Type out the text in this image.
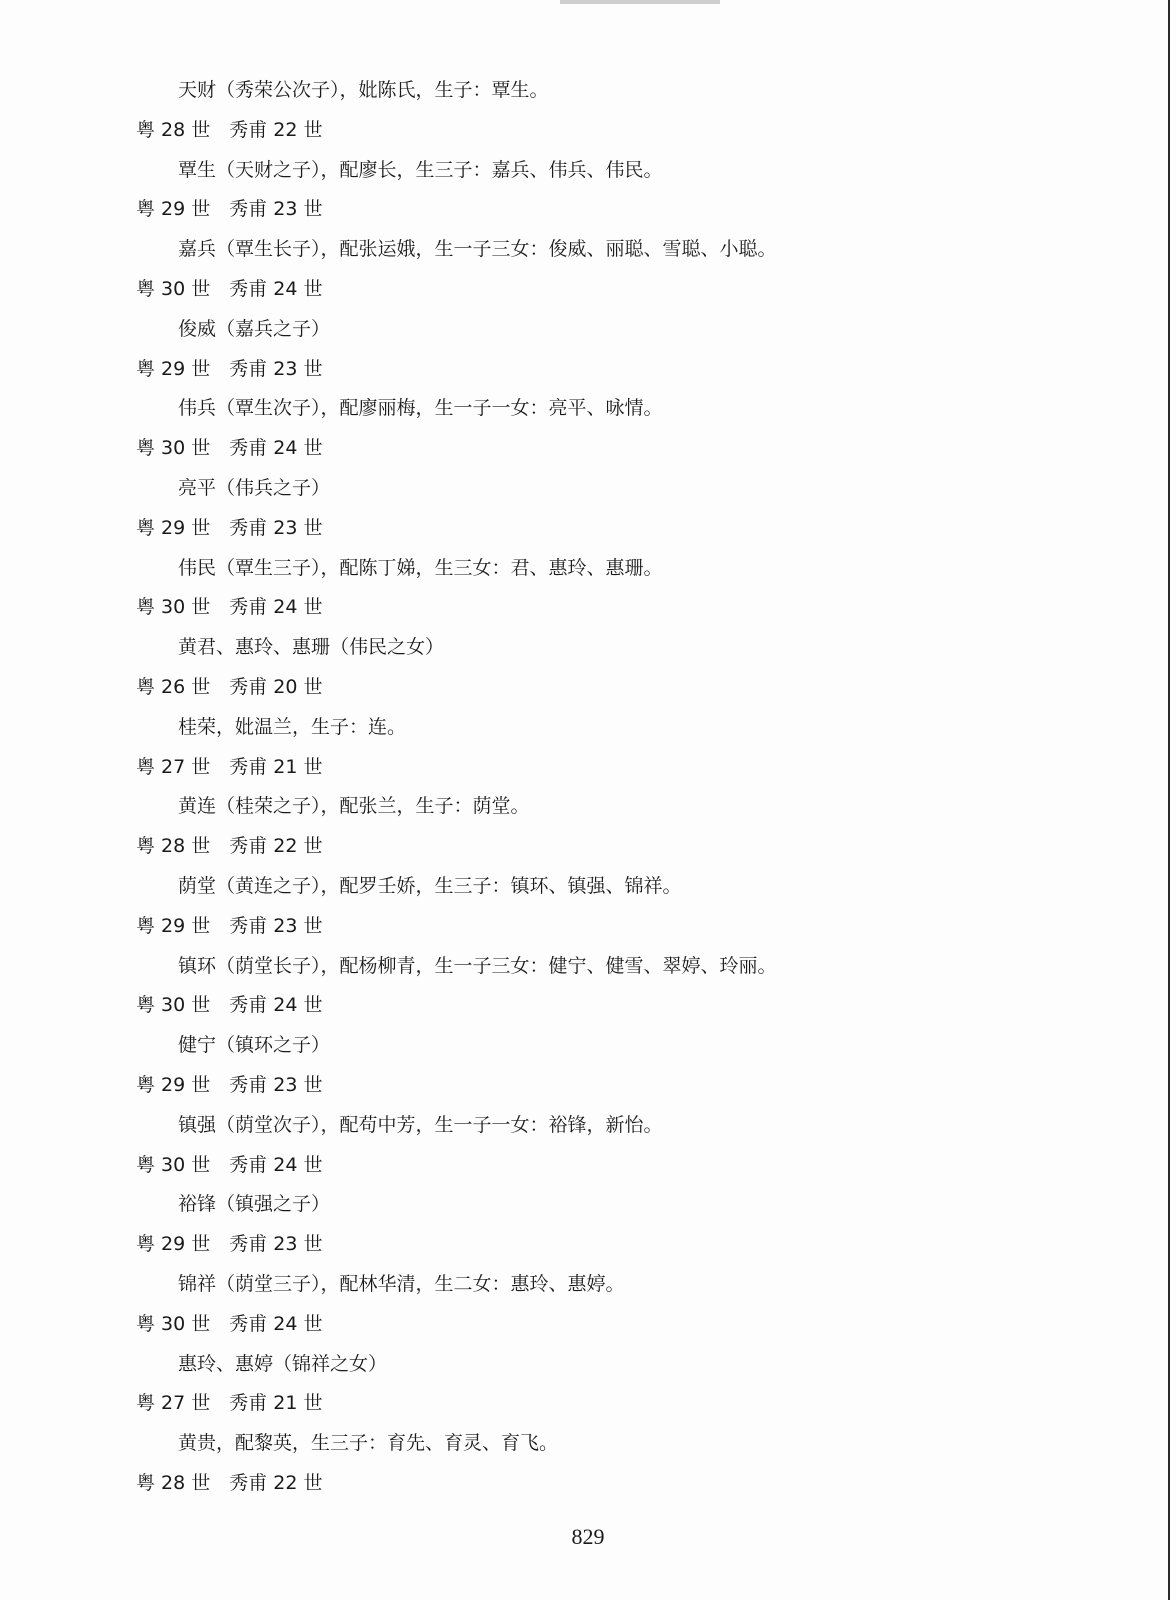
天财（秀荣公次子），妣陈氏，生子：覃生。
粤 28 世　秀甫 22 世
覃生（天财之子），配廖长，生三子：嘉兵、伟兵、伟民。
粤 29 世　秀甫 23 世
嘉兵（覃生长子），配张运娥，生一子三女：俊威、丽聪、雪聪、小聪。
粤 30 世　秀甫 24 世
俊威（嘉兵之子）
粤 29 世　秀甫 23 世
伟兵（覃生次子），配廖丽梅，生一子一女：亮平、咏情。
粤 30 世　秀甫 24 世
亮平（伟兵之子）
粤 29 世　秀甫 23 世
伟民（覃生三子），配陈丁娣，生三女：君、惠玲、惠珊。
粤 30 世　秀甫 24 世
黄君、惠玲、惠珊（伟民之女）
粤 26 世　秀甫 20 世
桂荣，妣温兰，生子：连。
粤 27 世　秀甫 21 世
黄连（桂荣之子），配张兰，生子：荫堂。
粤 28 世　秀甫 22 世
荫堂（黄连之子），配罗壬娇，生三子：镇环、镇强、锦祥。
粤 29 世　秀甫 23 世
镇环（荫堂长子），配杨柳青，生一子三女：健宁、健雪、翠婷、玲丽。
粤 30 世　秀甫 24 世
健宁（镇环之子）
粤 29 世　秀甫 23 世
镇强（荫堂次子），配苟中芳，生一子一女：裕锋，新怡。
粤 30 世　秀甫 24 世
裕锋（镇强之子）
粤 29 世　秀甫 23 世
锦祥（荫堂三子），配林华清，生二女：惠玲、惠婷。
粤 30 世　秀甫 24 世
惠玲、惠婷（锦祥之女）
粤 27 世　秀甫 21 世
黄贵，配黎英，生三子：育先、育灵、育飞。
粤 28 世　秀甫 22 世
829
